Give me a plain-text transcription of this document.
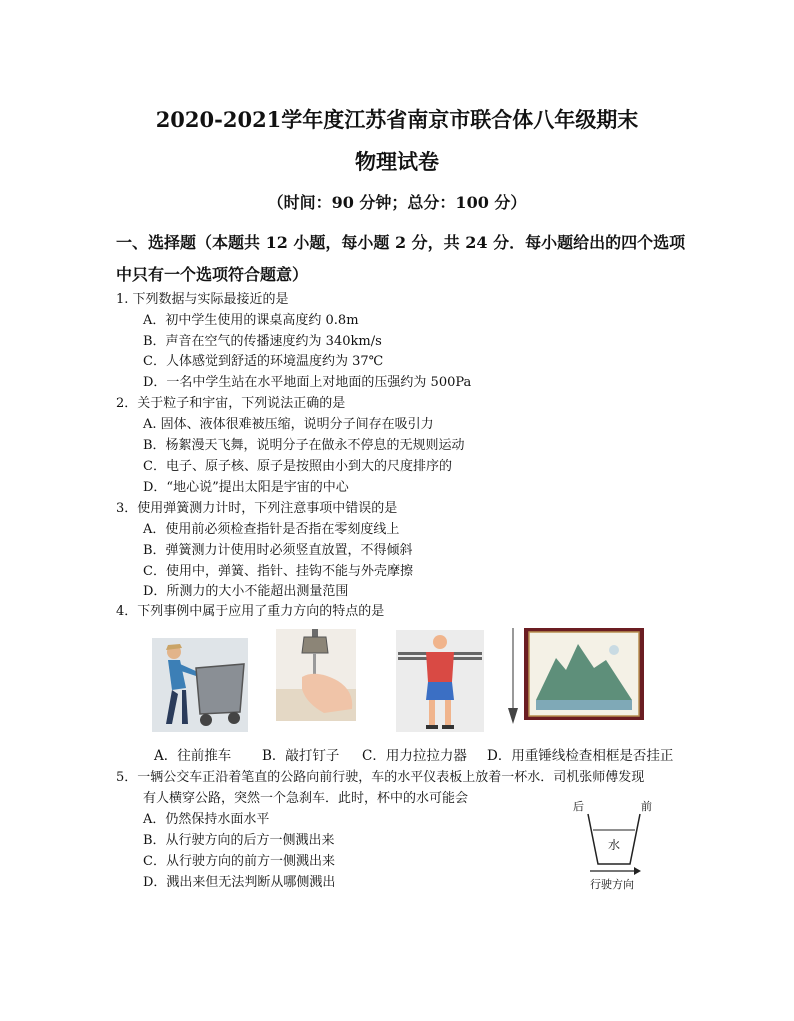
2020-2021学年度江苏省南京市联合体八年级期末
物理试卷
（时间：90 分钟；总分：100 分）
一、选择题（本题共 12 小题，每小题 2 分，共 24 分．每小题给出的四个选项
中只有一个选项符合题意）
1. 下列数据与实际最接近的是
A．初中学生使用的课桌高度约 0.8m
B．声音在空气的传播速度约为 340km/s
C．人体感觉到舒适的环境温度约为 37℃
D．一名中学生站在水平地面上对地面的压强约为 500Pa
2．关于粒子和宇宙，下列说法正确的是
A. 固体、液体很难被压缩，说明分子间存在吸引力
B．杨絮漫天飞舞，说明分子在做永不停息的无规则运动
C．电子、原子核、原子是按照由小到大的尺度排序的
D．“地心说”提出太阳是宇宙的中心
3．使用弹簧测力计时，下列注意事项中错误的是
A．使用前必须检查指针是否指在零刻度线上
B．弹簧测力计使用时必须竖直放置，不得倾斜
C．使用中，弹簧、指针、挂钩不能与外壳摩擦
D．所测力的大小不能超出测量范围
4．下列事例中属于应用了重力方向的特点的是
A．往前推车 B．敲打钉子 C．用力拉拉力器 D．用重锤线检查相框是否挂正
5．一辆公交车正沿着笔直的公路向前行驶，车的水平仪表板上放着一杯水．司机张师傅发现
有人横穿公路，突然一个急刹车．此时，杯中的水可能会
A．仍然保持水面水平
B．从行驶方向的后方一侧溅出来
C．从行驶方向的前方一侧溅出来
D．溅出来但无法判断从哪侧溅出
后	前
水
行驶方向
